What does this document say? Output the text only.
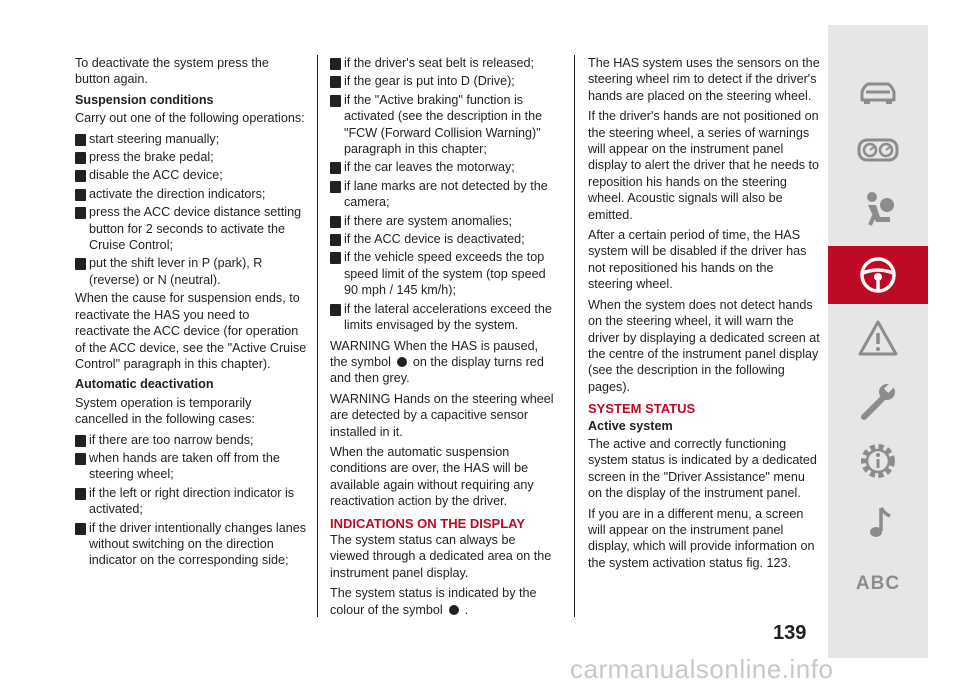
To deactivate the system press the button again.

Suspension conditions

Carry out one of the following operations:

start steering manually;
press the brake pedal;
disable the ACC device;
activate the direction indicators;
press the ACC device distance setting button for 2 seconds to activate the Cruise Control;
put the shift lever in P (park), R (reverse) or N (neutral).

When the cause for suspension ends, to reactivate the HAS you need to reactivate the ACC device (for operation of the ACC device, see the "Active Cruise Control" paragraph in this chapter).

Automatic deactivation

System operation is temporarily cancelled in the following cases:

if there are too narrow bends;
when hands are taken off from the steering wheel;
if the left or right direction indicator is activated;
if the driver intentionally changes lanes without switching on the direction indicator on the corresponding side;
if the driver's seat belt is released;
if the gear is put into D (Drive);
if the "Active braking" function is activated (see the description in the "FCW (Forward Collision Warning)" paragraph in this chapter;
if the car leaves the motorway;
if lane marks are not detected by the camera;
if there are system anomalies;
if the ACC device is deactivated;
if the vehicle speed exceeds the top speed limit of the system (top speed 90 mph / 145 km/h);
if the lateral accelerations exceed the limits envisaged by the system.

WARNING When the HAS is paused, the symbol on the display turns red and then grey.

WARNING Hands on the steering wheel are detected by a capacitive sensor installed in it.

When the automatic suspension conditions are over, the HAS will be available again without requiring any reactivation action by the driver.

INDICATIONS ON THE DISPLAY

The system status can always be viewed through a dedicated area on the instrument panel display.

The system status is indicated by the colour of the symbol .

The HAS system uses the sensors on the steering wheel rim to detect if the driver's hands are placed on the steering wheel.

If the driver's hands are not positioned on the steering wheel, a series of warnings will appear on the instrument panel display to alert the driver that he needs to reposition his hands on the steering wheel. Acoustic signals will also be emitted.

After a certain period of time, the HAS system will be disabled if the driver has not repositioned his hands on the steering wheel.

When the system does not detect hands on the steering wheel, it will warn the driver by displaying a dedicated screen at the centre of the instrument panel display (see the description in the following pages).

SYSTEM STATUS

Active system

The active and correctly functioning system status is indicated by a dedicated screen in the "Driver Assistance" menu on the display of the instrument panel.

If you are in a different menu, a screen will appear on the instrument panel display, which will provide information on the system activation status fig. 123.

ABC
139
carmanualsonline.info
